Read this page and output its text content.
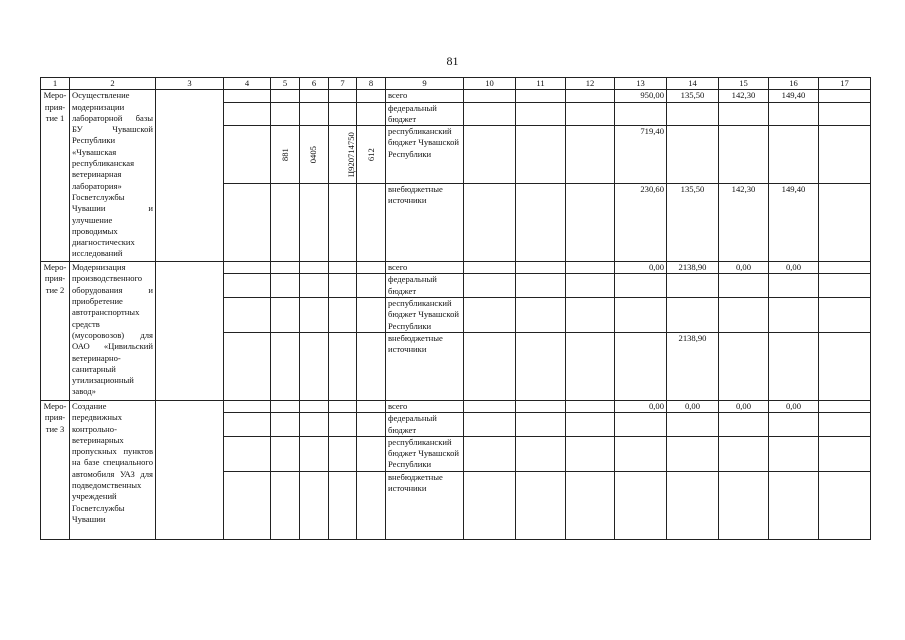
81
1	2	3	4	5	6	7	8	9	10	11	12	13	14	15	16	17
Меро-
прия-
тие 1	Осуществление модернизации лабораторной базы БУ Чувашской Республики «Чувашская республиканская ветеринарная лаборатория» Госветслужбы Чувашии и улучшение проводимых диагностических исследований							всего				950,00	135,50	142,30	149,40	
								федеральный бюджет								
				881	0405	Ц920714750	612	республиканский бюджет Чувашской Республики				719,40				
								внебюджетные источники				230,60	135,50	142,30	149,40	
Меро-
прия-
тие 2	Модернизация производственного оборудования и приобретение автотранспортных средств (мусоровозов) для ОАО «Цивильский ветеринарно-санитарный утилизационный завод»							всего				0,00	2138,90	0,00	0,00	
								федеральный бюджет								
								республиканский бюджет Чувашской Республики								
								внебюджетные источники					2138,90			
Меро-
прия-
тие 3	Создание передвижных контрольно-ветеринарных пропускных пунктов на базе специального автомобиля УАЗ для подведомственных учреждений Госветслужбы Чувашии							всего				0,00	0,00	0,00	0,00	
								федеральный бюджет								
								республиканский бюджет Чувашской Республики								
								внебюджетные источники								
